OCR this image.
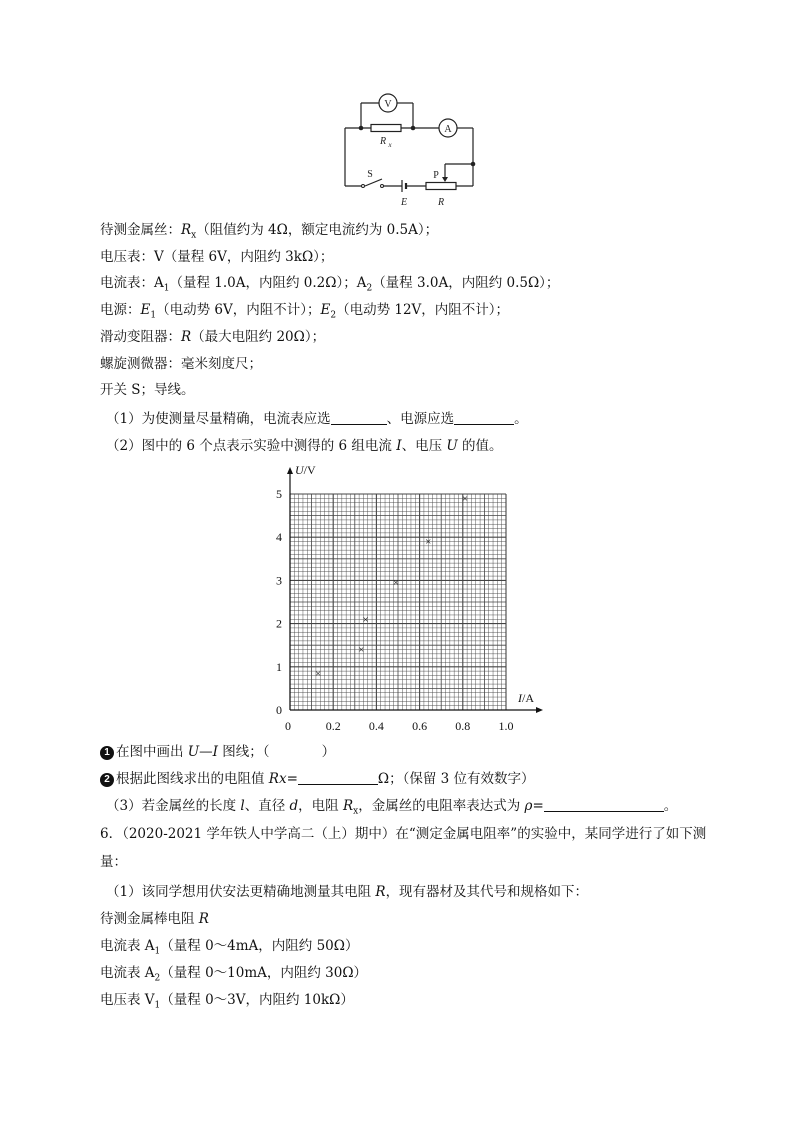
V
A
R x
S
E
P
R
待测金属丝：$R_x$（阻值约为 4Ω，额定电流约为 0.5A）；
电压表：V（量程 6V，内阻约 3kΩ）；
电流表：$A_1$（量程 1.0A，内阻约 0.2Ω）；$A_2$（量程 3.0A，内阻约 0.5Ω）；
电源：$E_1$（电动势 6V，内阻不计）；$E_2$（电动势 12V，内阻不计）；
滑动变阻器：R（最大电阻约 20Ω）；
螺旋测微器：毫米刻度尺；
开关 S；导线。
（1）为使测量尽量精确，电流表应选	、电源应选	。
（2）图中的 6 个点表示实验中测得的 6 组电流 I、电压 U 的值。
0	0.2 0.4 0.6 0.8 1.0
0
1
2
3
4
5
U/V
I/A
×
×
×
×
×
×
1 在图中画出 U—I 图线；（	）
2 根据此图线求出的电阻值 Rx=	Ω；（保留 3 位有效数字）
（3）若金属丝的长度 l、直径 d，电阻 $R_x$，金属丝的电阻率表达式为 ρ=	。
6．（2020-2021 学年铁人中学高二（上）期中）在“测定金属电阻率”的实验中，某同学进行了如下测
量：
（1）该同学想用伏安法更精确地测量其电阻 R，现有器材及其代号和规格如下：
待测金属棒电阻 R
电流表 $A_1$（量程 0～4mA，内阻约 50Ω）
电流表 $A_2$（量程 0～10mA，内阻约 30Ω）
电压表 $V_1$（量程 0～3V，内阻约 10kΩ）
